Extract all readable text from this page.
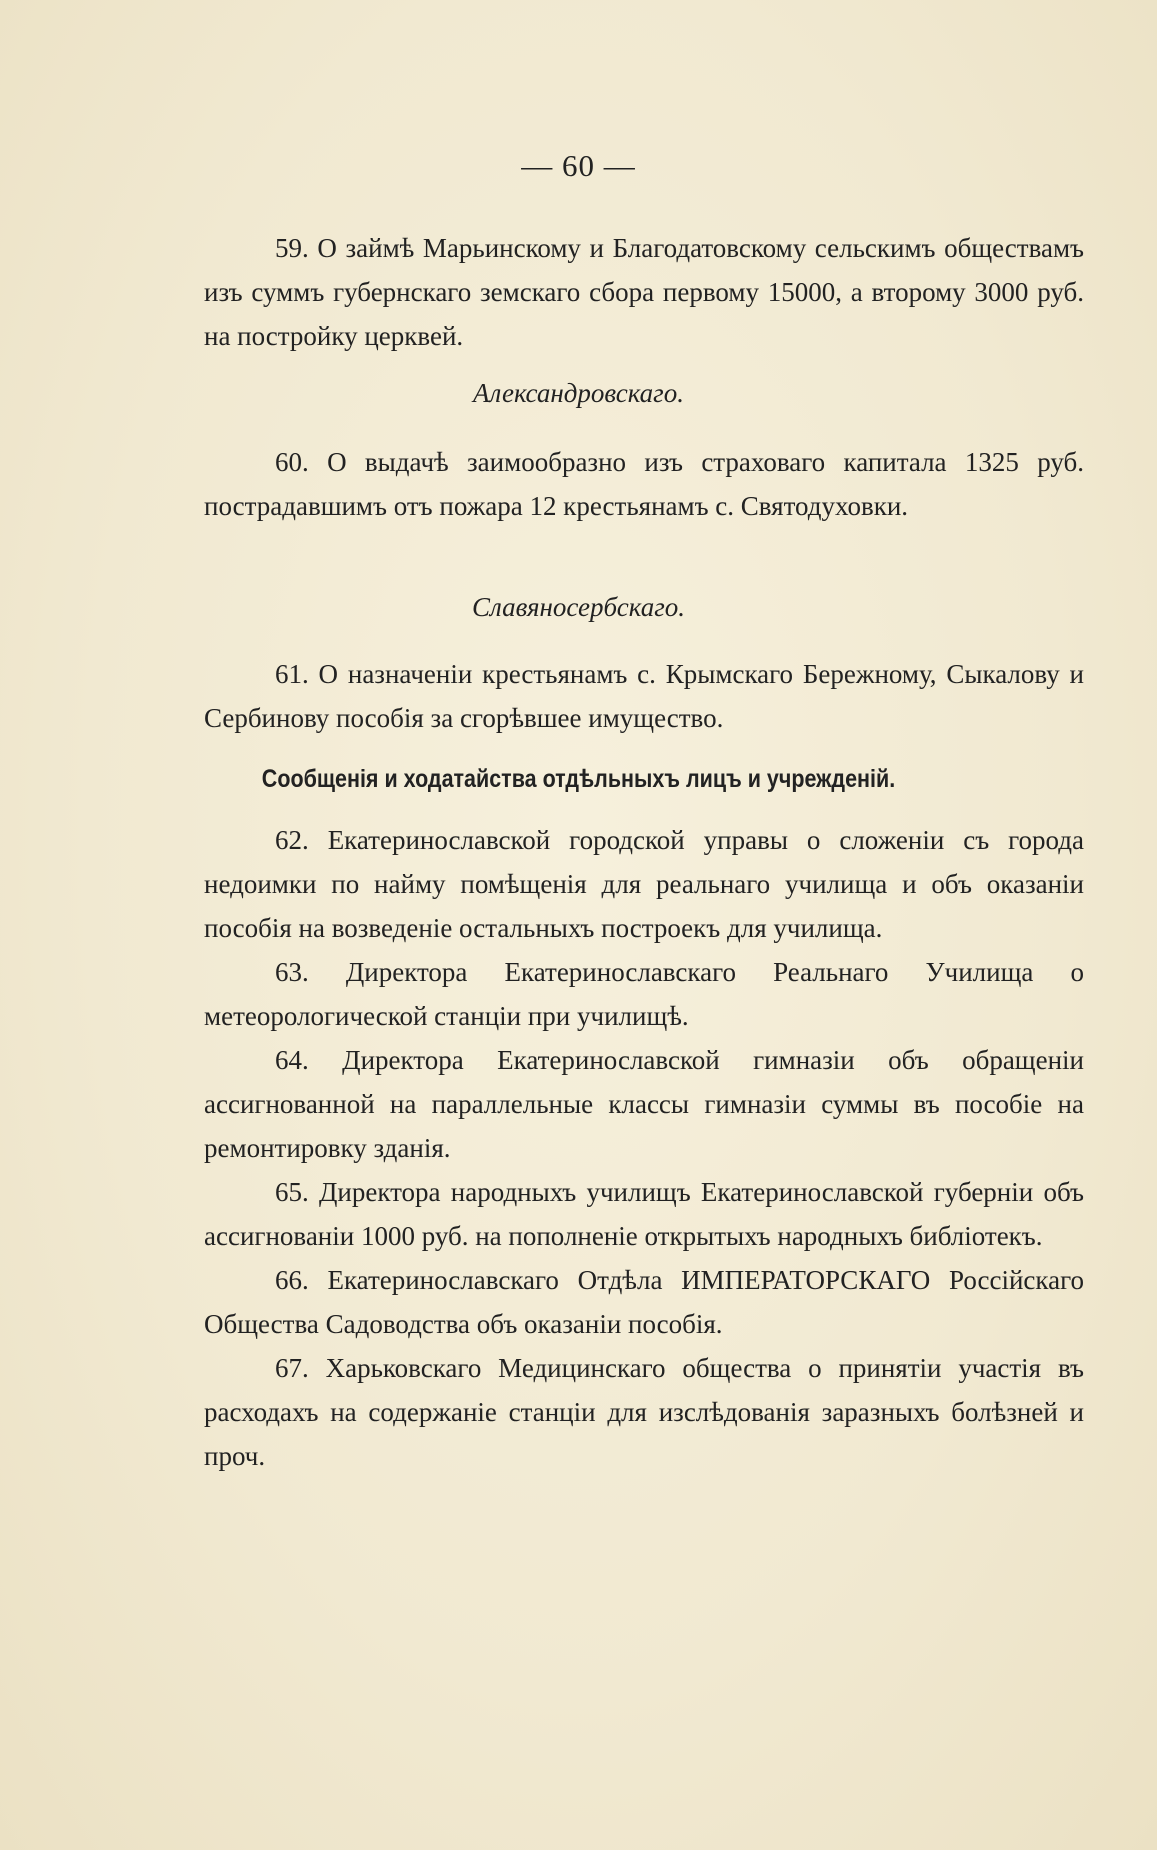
— 60 —

59. О займѣ Марьинскому и Благодатовскому сельскимъ обществамъ изъ суммъ губернскаго земскаго сбора первому 15000, а второму 3000 руб. на постройку церквей.

Александровскаго.

60. О выдачѣ заимообразно изъ страховаго капитала 1325 руб. пострадавшимъ отъ пожара 12 крестьянамъ с. Святодуховки.

Славяносербскаго.

61. О назначеніи крестьянамъ с. Крымскаго Бережному, Сыкалову и Сербинову пособія за сгорѣвшее имущество.

Сообщенія и ходатайства отдѣльныхъ лицъ и учрежденій.

62. Екатеринославской городской управы о сложеніи съ города недоимки по найму помѣщенія для реальнаго училища и объ оказаніи пособія на возведеніе остальныхъ построекъ для училища.

63. Директора Екатеринославскаго Реальнаго Училища о метеорологической станціи при училищѣ.

64. Директора Екатеринославской гимназіи объ обращеніи ассигнованной на параллельные классы гимназіи суммы въ пособіе на ремонтировку зданія.

65. Директора народныхъ училищъ Екатеринославской губерніи объ ассигнованіи 1000 руб. на пополненіе открытыхъ народныхъ библіотекъ.

66. Екатеринославскаго Отдѣла ИМПЕРАТОРСКАГО Россійскаго Общества Садоводства объ оказаніи пособія.

67. Харьковскаго Медицинскаго общества о принятіи участія въ расходахъ на содержаніе станціи для изслѣдованія заразныхъ болѣзней и проч.
